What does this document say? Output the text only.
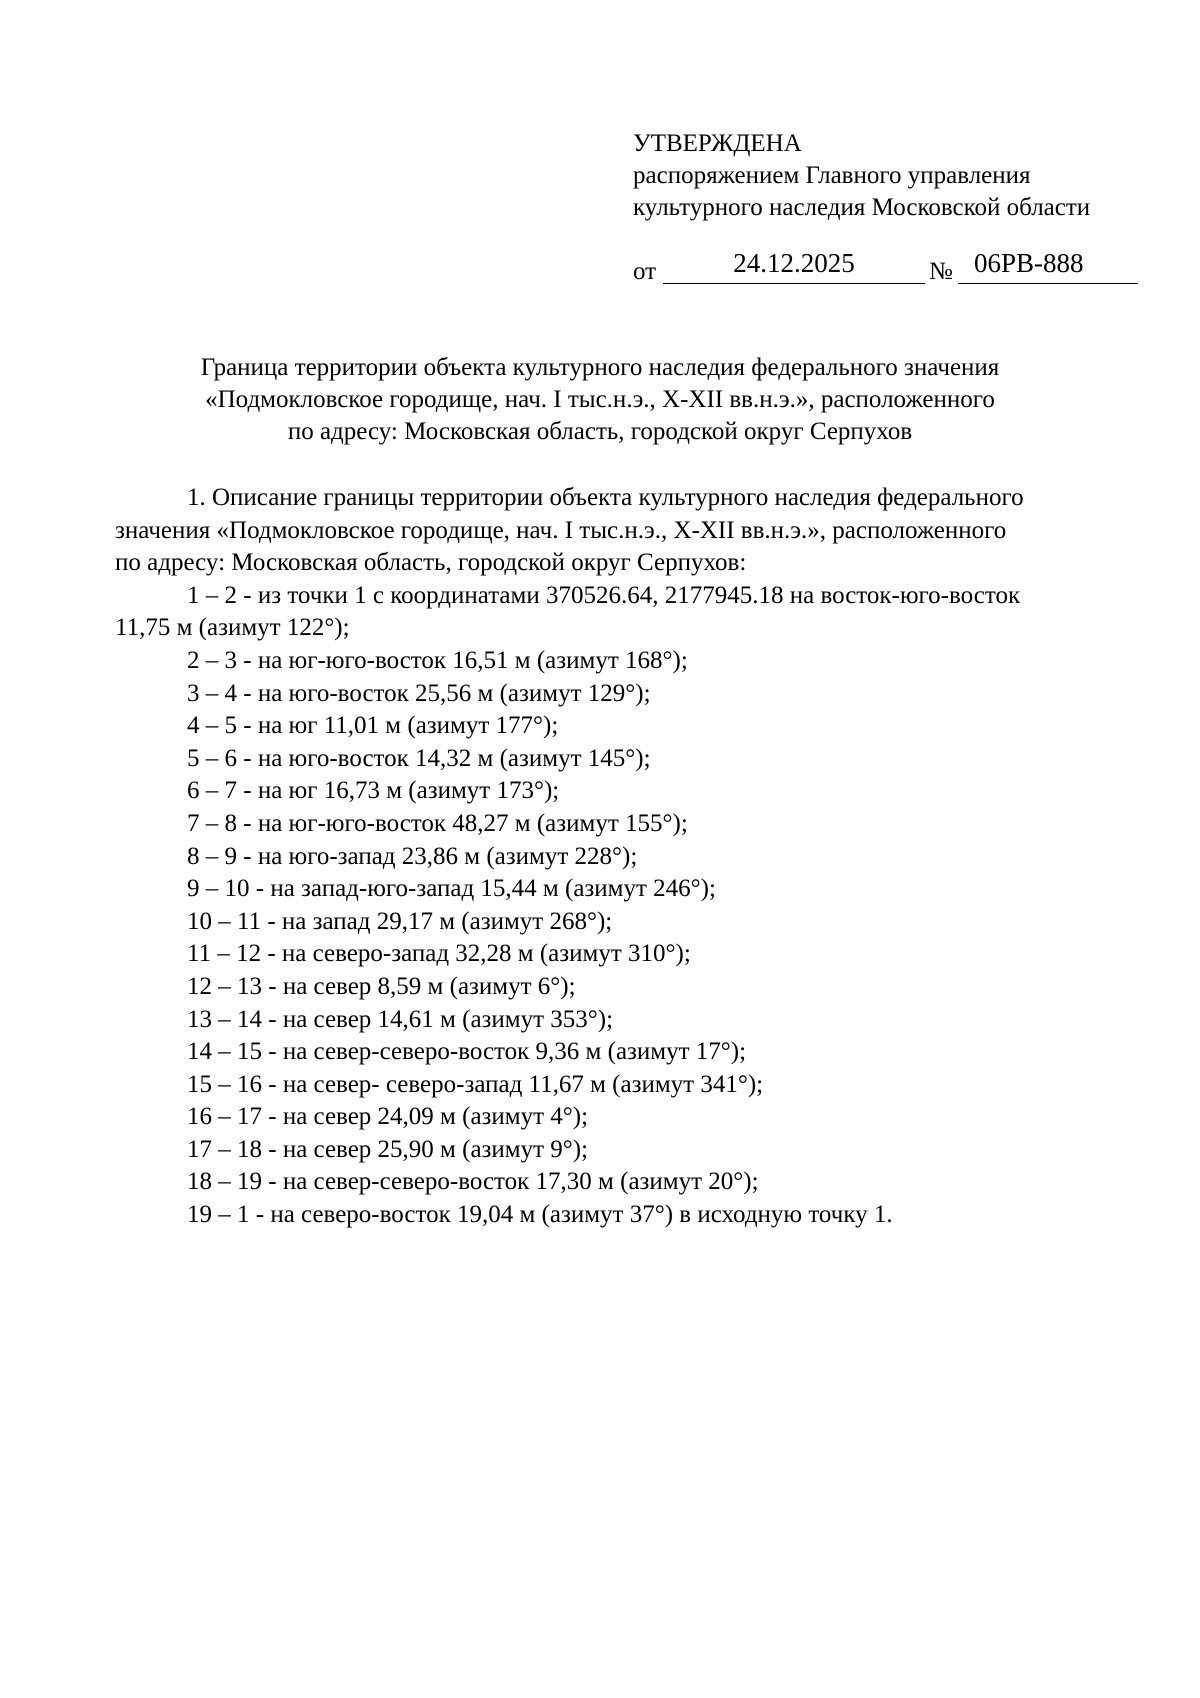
УТВЕРЖДЕНА
распоряжением Главного управления
культурного наследия Московской области
от	24.12.2025	№ 06РВ-888
Граница территории объекта культурного наследия федерального значения
«Подмокловское городище, нач. I тыс.н.э., X-XII вв.н.э.», расположенного
по адресу: Московская область, городской округ Серпухов
1. Описание границы территории объекта культурного наследия федерального
значения «Подмокловское городище, нач. I тыс.н.э., X-XII вв.н.э.», расположенного
по адресу: Московская область, городской округ Серпухов:
1 – 2 - из точки 1 с координатами 370526.64, 2177945.18 на восток-юго-восток
11,75 м (азимут 122°);
2 – 3 - на юг-юго-восток 16,51 м (азимут 168°);
3 – 4 - на юго-восток 25,56 м (азимут 129°);
4 – 5 - на юг 11,01 м (азимут 177°);
5 – 6 - на юго-восток 14,32 м (азимут 145°);
6 – 7 - на юг 16,73 м (азимут 173°);
7 – 8 - на юг-юго-восток 48,27 м (азимут 155°);
8 – 9 - на юго-запад 23,86 м (азимут 228°);
9 – 10 - на запад-юго-запад 15,44 м (азимут 246°);
10 – 11 - на запад 29,17 м (азимут 268°);
11 – 12 - на северо-запад 32,28 м (азимут 310°);
12 – 13 - на север 8,59 м (азимут 6°);
13 – 14 - на север 14,61 м (азимут 353°);
14 – 15 - на север-северо-восток 9,36 м (азимут 17°);
15 – 16 - на север- северо-запад 11,67 м (азимут 341°);
16 – 17 - на север 24,09 м (азимут 4°);
17 – 18 - на север 25,90 м (азимут 9°);
18 – 19 - на север-северо-восток 17,30 м (азимут 20°);
19 – 1 - на северо-восток 19,04 м (азимут 37°) в исходную точку 1.
